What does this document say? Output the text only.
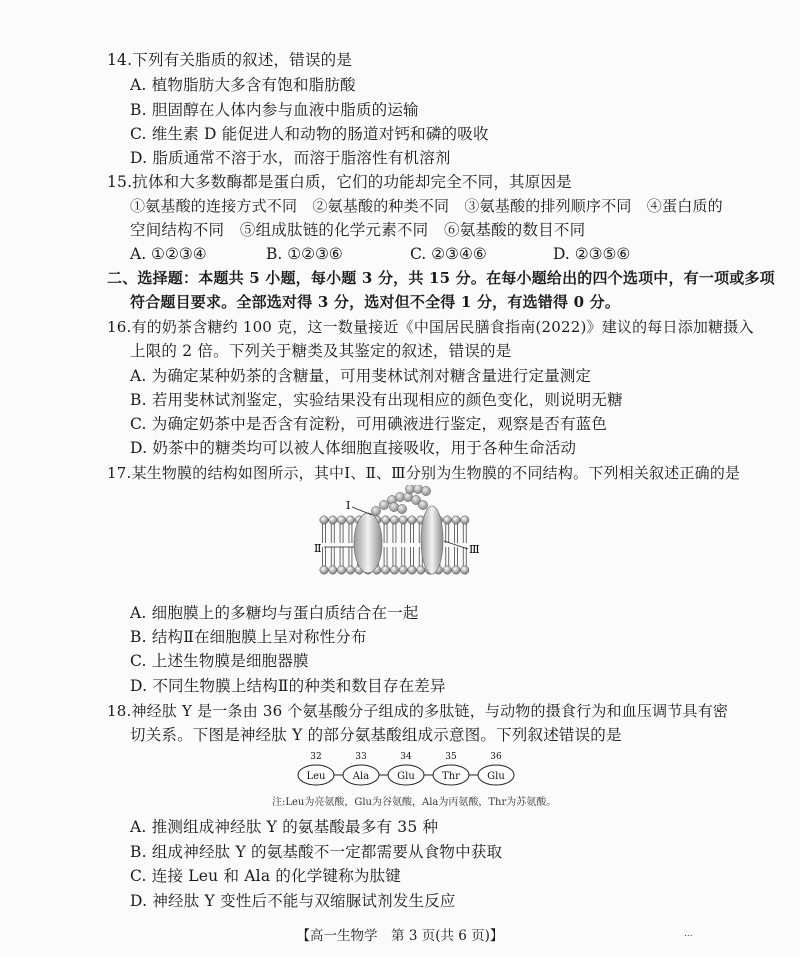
14.下列有关脂质的叙述，错误的是
A. 植物脂肪大多含有饱和脂肪酸
B. 胆固醇在人体内参与血液中脂质的运输
C. 维生素 D 能促进人和动物的肠道对钙和磷的吸收
D. 脂质通常不溶于水，而溶于脂溶性有机溶剂
15.抗体和大多数酶都是蛋白质，它们的功能却完全不同，其原因是
①氨基酸的连接方式不同　②氨基酸的种类不同　③氨基酸的排列顺序不同　④蛋白质的
空间结构不同　⑤组成肽链的化学元素不同　⑥氨基酸的数目不同
A. ①②③④	B. ①②③⑥	C. ②③④⑥	D. ②③⑤⑥
二、选择题：本题共 5 小题，每小题 3 分，共 15 分。在每小题给出的四个选项中，有一项或多项
符合题目要求。全部选对得 3 分，选对但不全得 1 分，有选错得 0 分。
16.有的奶茶含糖约 100 克，这一数量接近《中国居民膳食指南(2022)》建议的每日添加糖摄入
上限的 2 倍。下列关于糖类及其鉴定的叙述，错误的是
A. 为确定某种奶茶的含糖量，可用斐林试剂对糖含量进行定量测定
B. 若用斐林试剂鉴定，实验结果没有出现相应的颜色变化，则说明无糖
C. 为确定奶茶中是否含有淀粉，可用碘液进行鉴定，观察是否有蓝色
D. 奶茶中的糖类均可以被人体细胞直接吸收，用于各种生命活动
17.某生物膜的结构如图所示，其中Ⅰ、Ⅱ、Ⅲ分别为生物膜的不同结构。下列相关叙述正确的是
Ⅰ
Ⅱ	Ⅲ
A. 细胞膜上的多糖均与蛋白质结合在一起
B. 结构Ⅱ在细胞膜上呈对称性分布
C. 上述生物膜是细胞器膜
D. 不同生物膜上结构Ⅱ的种类和数目存在差异
18.神经肽 Y 是一条由 36 个氨基酸分子组成的多肽链，与动物的摄食行为和血压调节具有密
切关系。下图是神经肽 Y 的部分氨基酸组成示意图。下列叙述错误的是
Leu
32
Ala
33
Glu
34
Thr
35
Glu
36
注:Leu为亮氨酸，Glu为谷氨酸，Ala为丙氨酸，Thr为苏氨酸。
A. 推测组成神经肽 Y 的氨基酸最多有 35 种
B. 组成神经肽 Y 的氨基酸不一定都需要从食物中获取
C. 连接 Leu 和 Ala 的化学键称为肽键
D. 神经肽 Y 变性后不能与双缩脲试剂发生反应
【高一生物学　第 3 页(共 6 页)】	...
